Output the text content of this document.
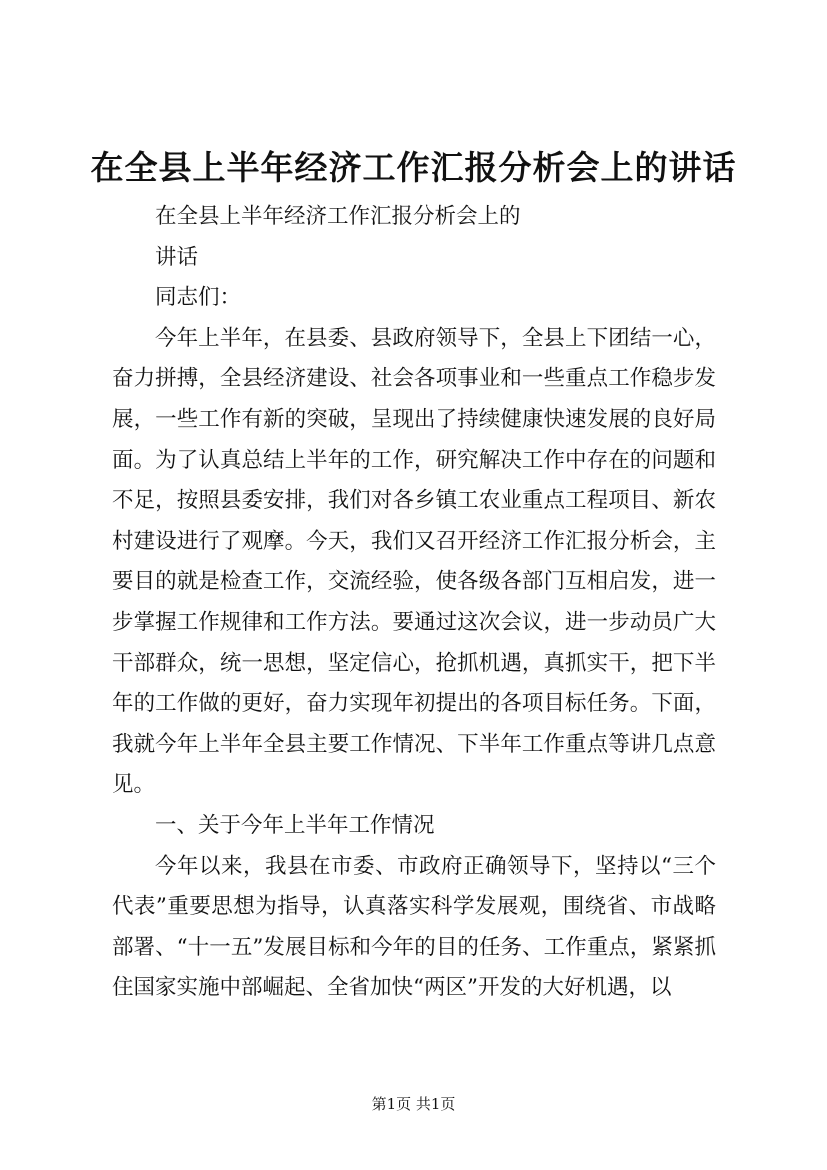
在全县上半年经济工作汇报分析会上的讲话

在全县上半年经济工作汇报分析会上的

讲话

同志们：

今年上半年，在县委、县政府领导下，全县上下团结一心，奋力拼搏，全县经济建设、社会各项事业和一些重点工作稳步发展，一些工作有新的突破，呈现出了持续健康快速发展的良好局面。为了认真总结上半年的工作，研究解决工作中存在的问题和不足，按照县委安排，我们对各乡镇工农业重点工程项目、新农村建设进行了观摩。今天，我们又召开经济工作汇报分析会，主要目的就是检查工作，交流经验，使各级各部门互相启发，进一步掌握工作规律和工作方法。要通过这次会议，进一步动员广大干部群众，统一思想，坚定信心，抢抓机遇，真抓实干，把下半年的工作做的更好，奋力实现年初提出的各项目标任务。下面，我就今年上半年全县主要工作情况、下半年工作重点等讲几点意见。

一、关于今年上半年工作情况

今年以来，我县在市委、市政府正确领导下，坚持以“三个代表”重要思想为指导，认真落实科学发展观，围绕省、市战略部署、“十一五”发展目标和今年的目的任务、工作重点，紧紧抓住国家实施中部崛起、全省加快“两区”开发的大好机遇，以

第1页 共1页
